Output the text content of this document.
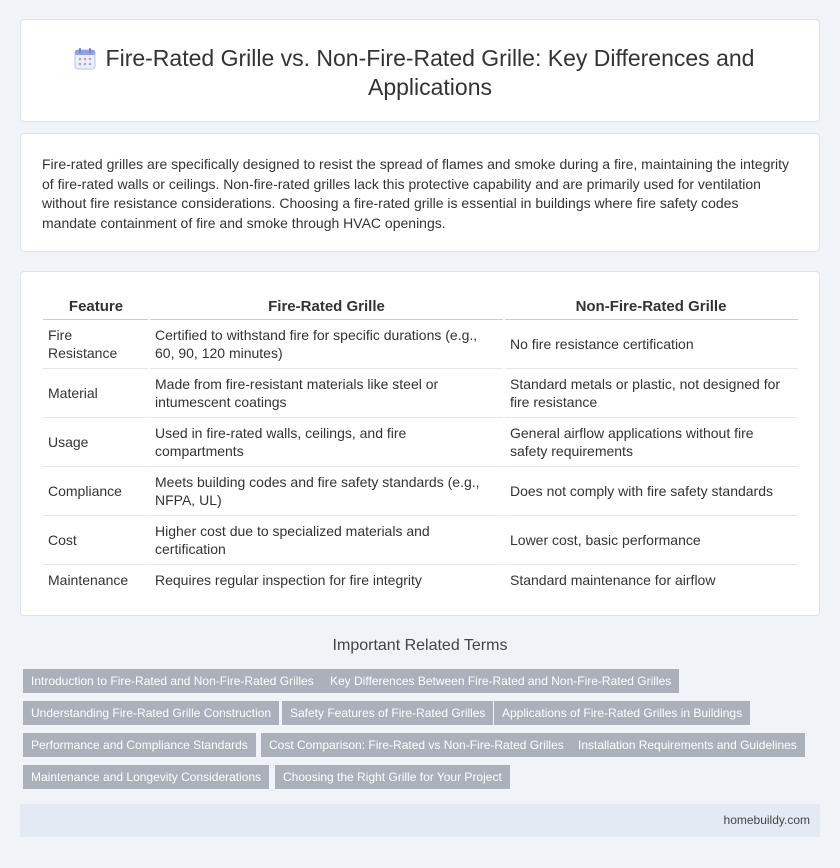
Fire-Rated Grille vs. Non-Fire-Rated Grille: Key Differences and Applications

Fire-rated grilles are specifically designed to resist the spread of flames and smoke during a fire, maintaining the integrity of fire-rated walls or ceilings. Non-fire-rated grilles lack this protective capability and are primarily used for ventilation without fire resistance considerations. Choosing a fire-rated grille is essential in buildings where fire safety codes mandate containment of fire and smoke through HVAC openings.

Feature	Fire-Rated Grille	Non-Fire-Rated Grille
Fire Resistance	Certified to withstand fire for specific durations (e.g., 60, 90, 120 minutes)	No fire resistance certification
Material	Made from fire-resistant materials like steel or intumescent coatings	Standard metals or plastic, not designed for fire resistance
Usage	Used in fire-rated walls, ceilings, and fire compartments	General airflow applications without fire safety requirements
Compliance	Meets building codes and fire safety standards (e.g., NFPA, UL)	Does not comply with fire safety standards
Cost	Higher cost due to specialized materials and certification	Lower cost, basic performance
Maintenance	Requires regular inspection for fire integrity	Standard maintenance for airflow
Important Related Terms
Introduction to Fire-Rated and Non-Fire-Rated Grilles	Key Differences Between Fire-Rated and Non-Fire-Rated Grilles
Understanding Fire-Rated Grille Construction	Safety Features of Fire-Rated Grilles	Applications of Fire-Rated Grilles in Buildings
Performance and Compliance Standards	Cost Comparison: Fire-Rated vs Non-Fire-Rated Grilles	Installation Requirements and Guidelines
Maintenance and Longevity Considerations	Choosing the Right Grille for Your Project
homebuildy.com
